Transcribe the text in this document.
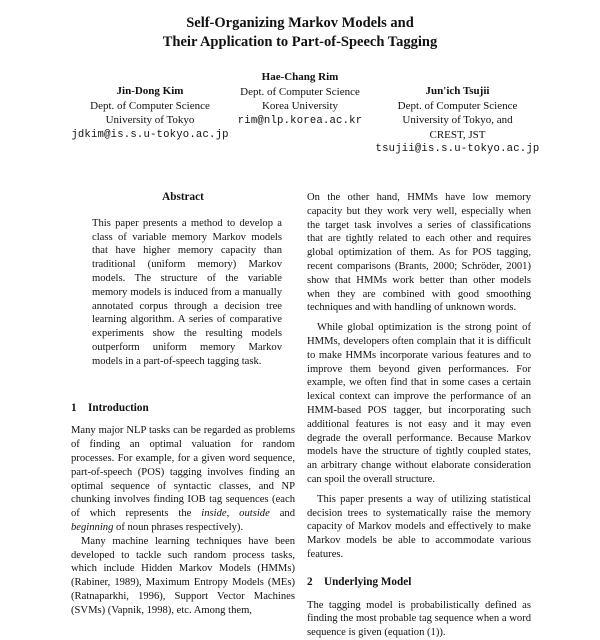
Self-Organizing Markov Models and
Their Application to Part-of-Speech Tagging
Jin-Dong Kim
Dept. of Computer Science
University of Tokyo
jdkim@is.s.u-tokyo.ac.jp
Hae-Chang Rim
Dept. of Computer Science
Korea University
rim@nlp.korea.ac.kr
Jun'ich Tsujii
Dept. of Computer Science
University of Tokyo, and
CREST, JST
tsujii@is.s.u-tokyo.ac.jp
Abstract

This paper presents a method to develop a class of variable memory Markov models that have higher memory capacity than traditional (uniform memory) Markov models. The structure of the variable memory models is induced from a manually annotated corpus through a decision tree learning algorithm. A series of comparative experiments show the resulting models outperform uniform memory Markov models in a part-of-speech tagging task.

1 Introduction

Many major NLP tasks can be regarded as problems of finding an optimal valuation for random processes. For example, for a given word sequence, part-of-speech (POS) tagging involves finding an optimal sequence of syntactic classes, and NP chunking involves finding IOB tag sequences (each of which represents the inside, outside and beginning of noun phrases respectively).

Many machine learning techniques have been developed to tackle such random process tasks, which include Hidden Markov Models (HMMs) (Rabiner, 1989), Maximum Entropy Models (MEs) (Ratnaparkhi, 1996), Support Vector Machines (SVMs) (Vapnik, 1998), etc. Among them,

On the other hand, HMMs have low memory capacity but they work very well, especially when the target task involves a series of classifications that are tightly related to each other and requires global optimization of them. As for POS tagging, recent comparisons (Brants, 2000; Schröder, 2001) show that HMMs work better than other models when they are combined with good smoothing techniques and with handling of unknown words.

While global optimization is the strong point of HMMs, developers often complain that it is difficult to make HMMs incorporate various features and to improve them beyond given performances. For example, we often find that in some cases a certain lexical context can improve the performance of an HMM-based POS tagger, but incorporating such additional features is not easy and it may even degrade the overall performance. Because Markov models have the structure of tightly coupled states, an arbitrary change without elaborate consideration can spoil the overall structure.

This paper presents a way of utilizing statistical decision trees to systematically raise the memory capacity of Markov models and effectively to make Markov models be able to accommodate various features.

2 Underlying Model

The tagging model is probabilistically defined as finding the most probable tag sequence when a word sequence is given (equation (1)).
